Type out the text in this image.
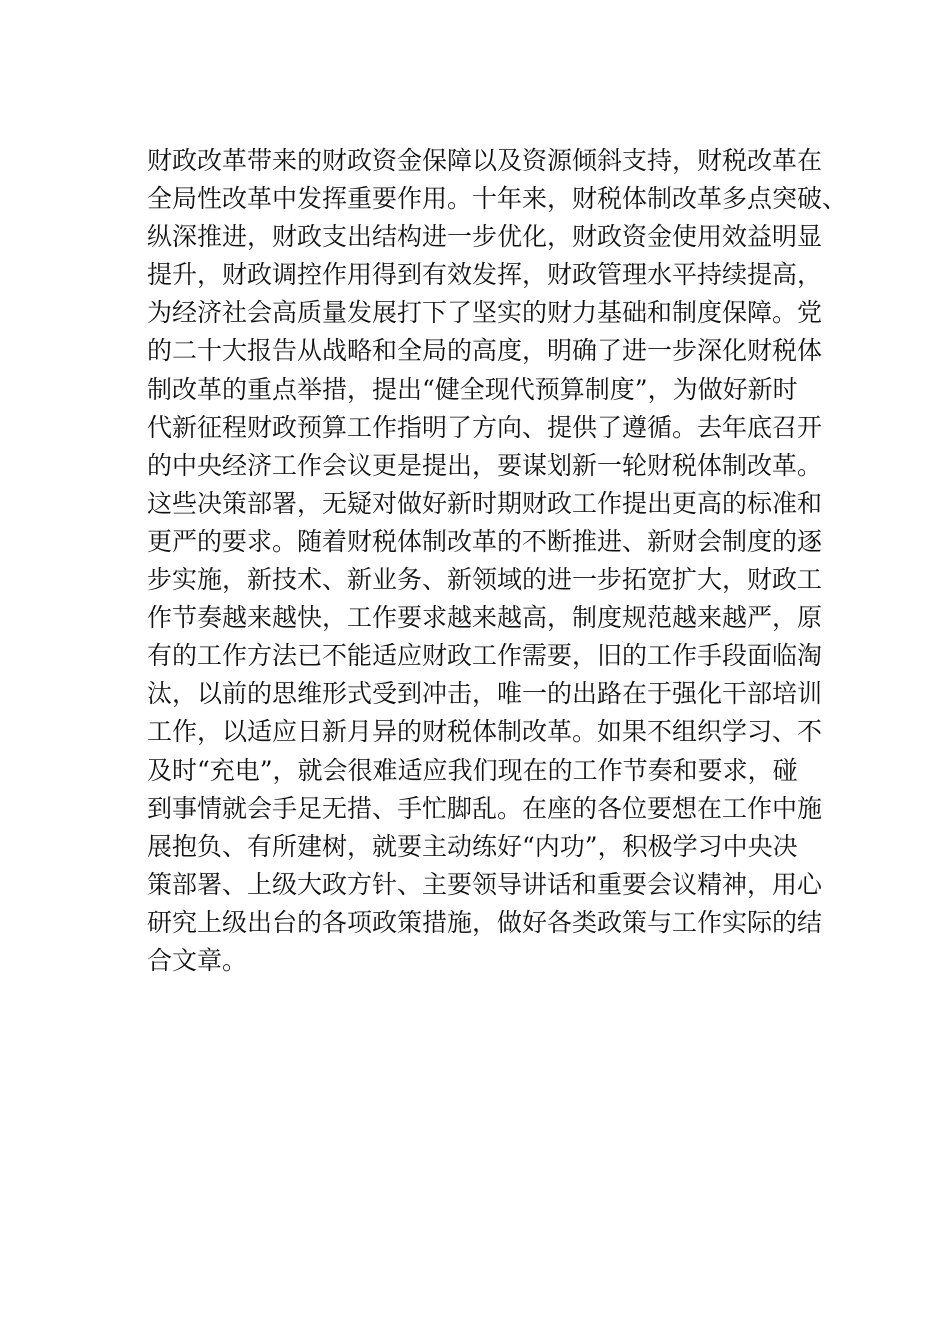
财政改革带来的财政资金保障以及资源倾斜支持，财税改革在
全局性改革中发挥重要作用。十年来，财税体制改革多点突破、
纵深推进，财政支出结构进一步优化，财政资金使用效益明显
提升，财政调控作用得到有效发挥，财政管理水平持续提高，
为经济社会高质量发展打下了坚实的财力基础和制度保障。党
的二十大报告从战略和全局的高度，明确了进一步深化财税体
制改革的重点举措，提出“健全现代预算制度”，为做好新时
代新征程财政预算工作指明了方向、提供了遵循。去年底召开
的中央经济工作会议更是提出，要谋划新一轮财税体制改革。
这些决策部署，无疑对做好新时期财政工作提出更高的标准和
更严的要求。随着财税体制改革的不断推进、新财会制度的逐
步实施，新技术、新业务、新领域的进一步拓宽扩大，财政工
作节奏越来越快，工作要求越来越高，制度规范越来越严，原
有的工作方法已不能适应财政工作需要，旧的工作手段面临淘
汰，以前的思维形式受到冲击，唯一的出路在于强化干部培训
工作，以适应日新月异的财税体制改革。如果不组织学习、不
及时“充电”，就会很难适应我们现在的工作节奏和要求，碰
到事情就会手足无措、手忙脚乱。在座的各位要想在工作中施
展抱负、有所建树，就要主动练好“内功”，积极学习中央决
策部署、上级大政方针、主要领导讲话和重要会议精神，用心
研究上级出台的各项政策措施，做好各类政策与工作实际的结
合文章。
